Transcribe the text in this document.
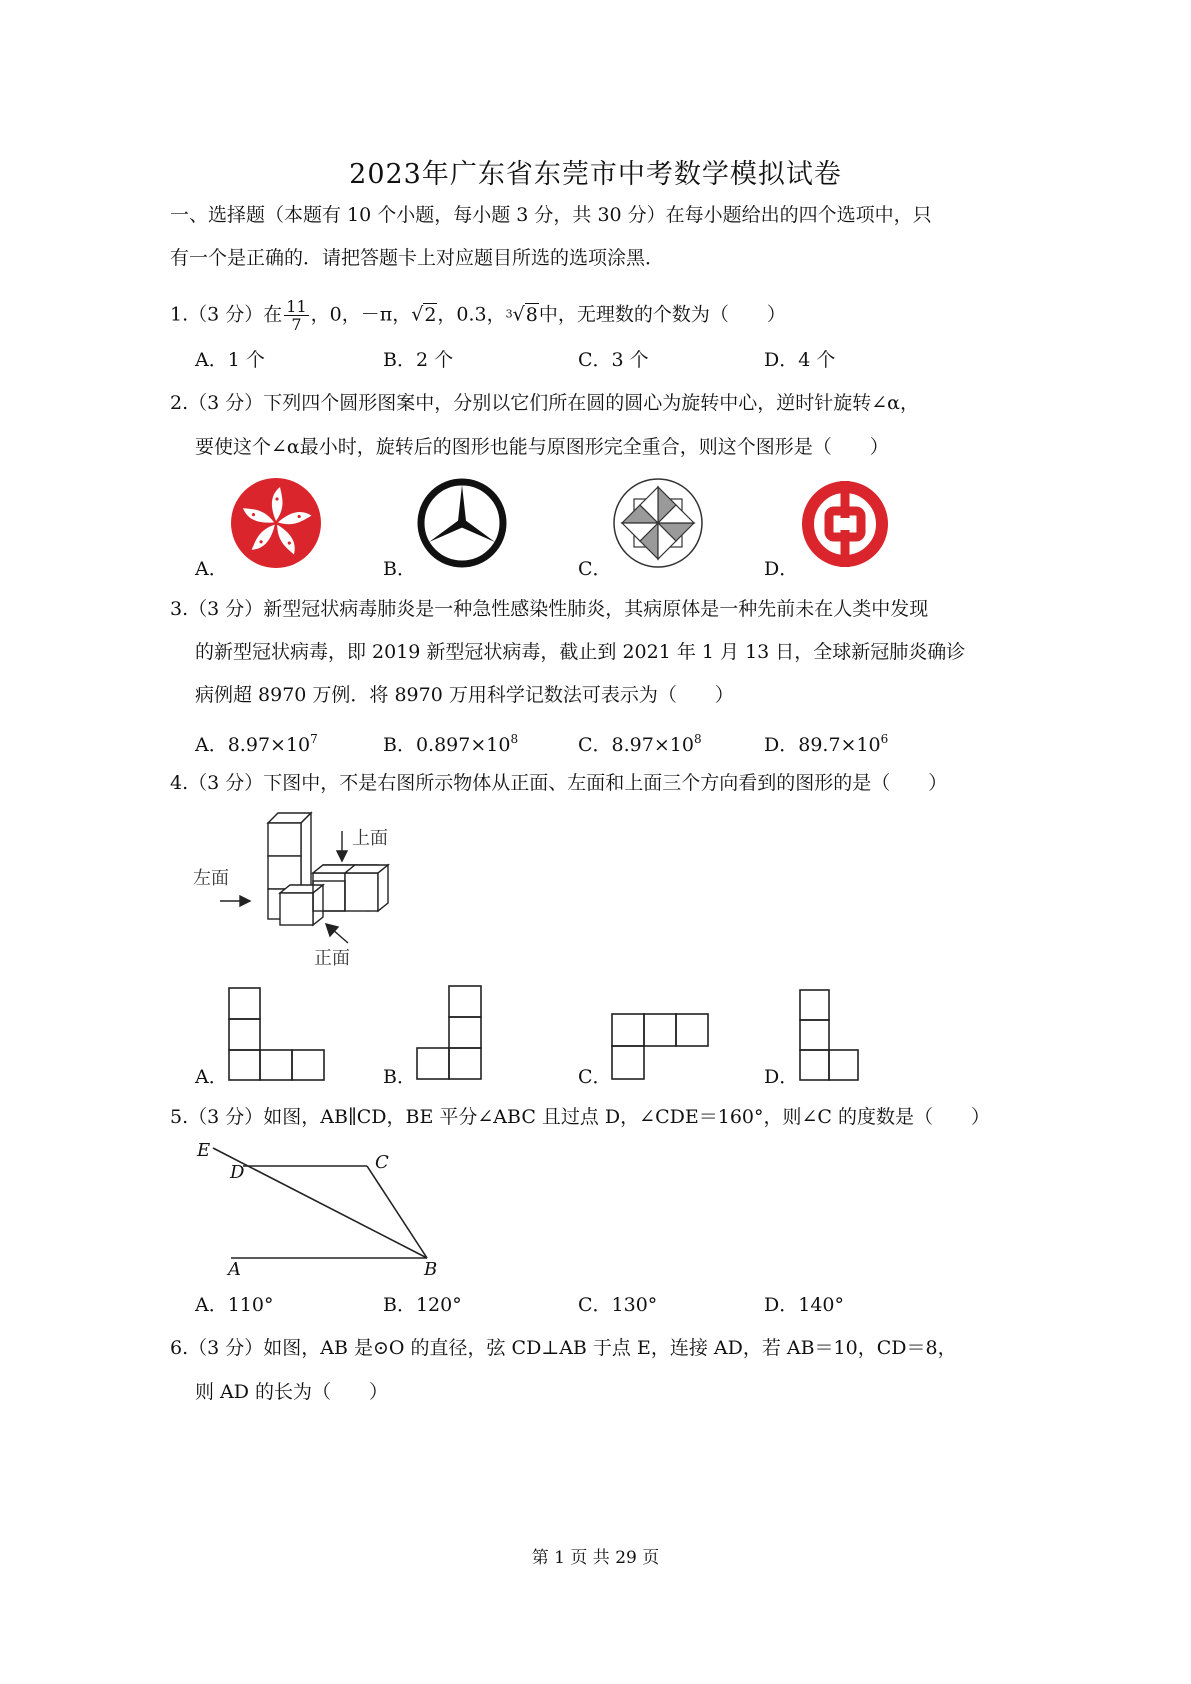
2023年广东省东莞市中考数学模拟试卷
一、选择题（本题有 10 个小题，每小题 3 分，共 30 分）在每小题给出的四个选项中，只
有一个是正确的．请把答题卡上对应题目所选的选项涂黑．
1.（3 分）在 $\frac{11}{7}$ ，0，－π，√2，0.3，3√8中，无理数的个数为（　　）
A．1 个	B．2 个	C．3 个	D．4 个
2.（3 分）下列四个圆形图案中，分别以它们所在圆的圆心为旋转中心，逆时针旋转∠α，
要使这个∠α最小时，旋转后的图形也能与原图形完全重合，则这个图形是（　　）
A．	B．	C．	D．
3.（3 分）新型冠状病毒肺炎是一种急性感染性肺炎，其病原体是一种先前未在人类中发现
的新型冠状病毒，即 2019 新型冠状病毒，截止到 2021 年 1 月 13 日，全球新冠肺炎确诊
病例超 8970 万例．将 8970 万用科学记数法可表示为（　　）
A．$8.97\times 10^7$	B．$0.897\times 10^8$	C．$8.97\times 10^8$	D．$89.7\times 10^6$
4.（3 分）下图中，不是右图所示物体从正面、左面和上面三个方向看到的图形的是（　　）
上面
左面
正面
A．	B．	C．	D．
5.（3 分）如图，AB∥CD，BE 平分∠ABC 且过点 D，∠CDE＝160°，则∠C 的度数是（　　）
E
D	C
A	B
A．110°	B．120°	C．130°	D．140°
6.（3 分）如图，AB 是⊙O 的直径，弦 CD⊥AB 于点 E，连接 AD，若 AB＝10，CD＝8，
则 AD 的长为（　　）
第 1 页 共 29 页
